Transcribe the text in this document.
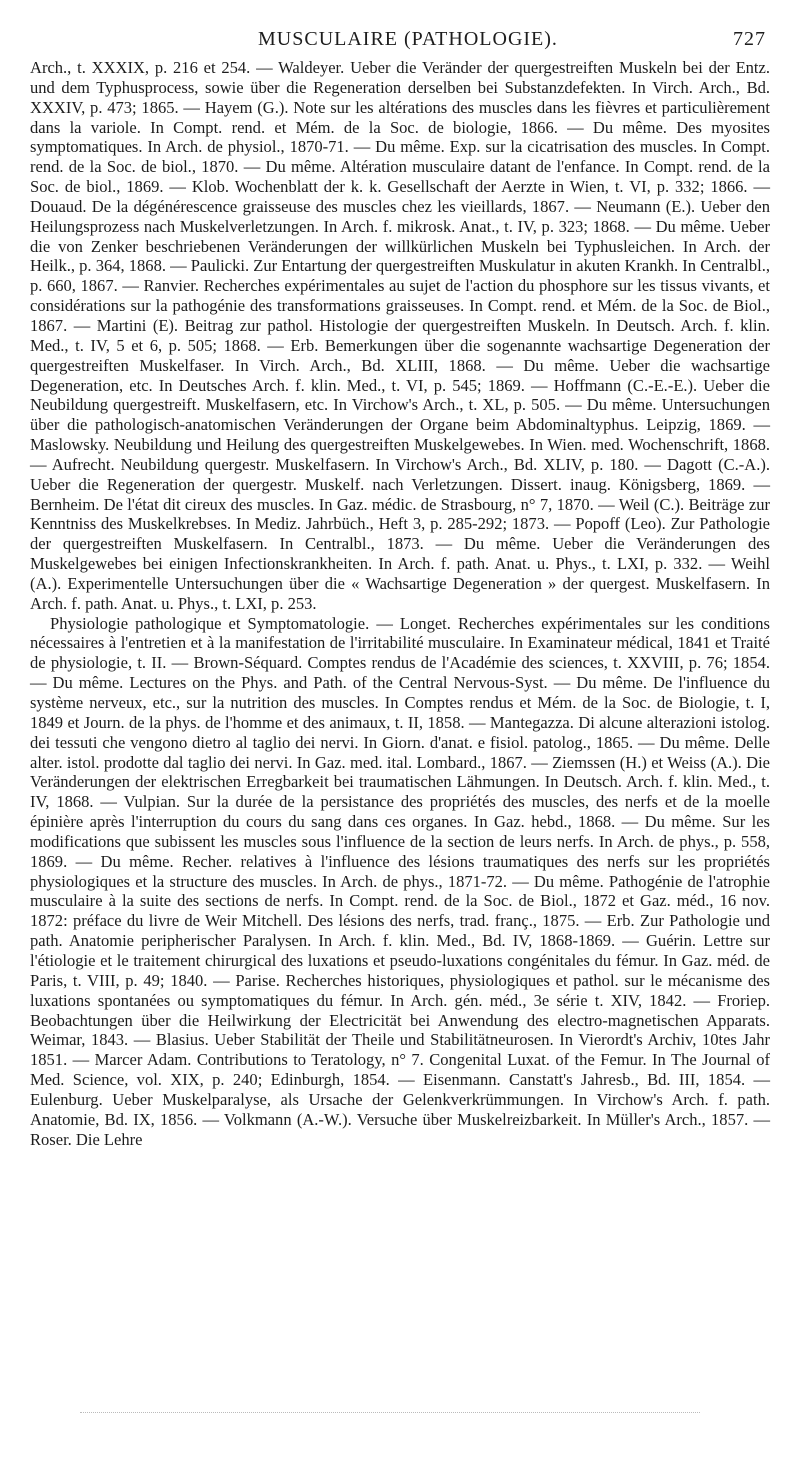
MUSCULAIRE (PATHOLOGIE).	727

Arch., t. XXXIX, p. 216 et 254. — Waldeyer. Ueber die Veränder der quergestreiften Muskeln bei der Entz. und dem Typhusprocess, sowie über die Regeneration derselben bei Substanzdefekten. In Virch. Arch., Bd. XXXIV, p. 473; 1865. — Hayem (G.). Note sur les altérations des muscles dans les fièvres et particulièrement dans la variole. In Compt. rend. et Mém. de la Soc. de biologie, 1866. — Du même. Des myosites symptomatiques. In Arch. de physiol., 1870-71. — Du même. Exp. sur la cicatrisation des muscles. In Compt. rend. de la Soc. de biol., 1870. — Du même. Altération musculaire datant de l'enfance. In Compt. rend. de la Soc. de biol., 1869. — Klob. Wochenblatt der k. k. Gesellschaft der Aerzte in Wien, t. VI, p. 332; 1866. — Douaud. De la dégénérescence graisseuse des muscles chez les vieillards, 1867. — Neumann (E.). Ueber den Heilungsprozess nach Muskelverletzungen. In Arch. f. mikrosk. Anat., t. IV, p. 323; 1868. — Du même. Ueber die von Zenker beschriebenen Veränderungen der willkürlichen Muskeln bei Typhusleichen. In Arch. der Heilk., p. 364, 1868. — Paulicki. Zur Entartung der quergestreiften Muskulatur in akuten Krankh. In Centralbl., p. 660, 1867. — Ranvier. Recherches expérimentales au sujet de l'action du phosphore sur les tissus vivants, et considérations sur la pathogénie des transformations graisseuses. In Compt. rend. et Mém. de la Soc. de Biol., 1867. — Martini (E). Beitrag zur pathol. Histologie der quergestreiften Muskeln. In Deutsch. Arch. f. klin. Med., t. IV, 5 et 6, p. 505; 1868. — Erb. Bemerkungen über die sogenannte wachsartige Degeneration der quergestreiften Muskelfaser. In Virch. Arch., Bd. XLIII, 1868. — Du même. Ueber die wachsartige Degeneration, etc. In Deutsches Arch. f. klin. Med., t. VI, p. 545; 1869. — Hoffmann (C.-E.-E.). Ueber die Neubildung quergestreift. Muskelfasern, etc. In Virchow's Arch., t. XL, p. 505. — Du même. Untersuchungen über die pathologisch-anatomischen Veränderungen der Organe beim Abdominaltyphus. Leipzig, 1869. — Maslowsky. Neubildung und Heilung des quergestreiften Muskelgewebes. In Wien. med. Wochenschrift, 1868. — Aufrecht. Neubildung quergestr. Muskelfasern. In Virchow's Arch., Bd. XLIV, p. 180. — Dagott (C.-A.). Ueber die Regeneration der quergestr. Muskelf. nach Verletzungen. Dissert. inaug. Königsberg, 1869. — Bernheim. De l'état dit cireux des muscles. In Gaz. médic. de Strasbourg, n° 7, 1870. — Weil (C.). Beiträge zur Kenntniss des Muskelkrebses. In Mediz. Jahrbüch., Heft 3, p. 285-292; 1873. — Popoff (Leo). Zur Pathologie der quergestreiften Muskelfasern. In Centralbl., 1873. — Du même. Ueber die Veränderungen des Muskelgewebes bei einigen Infectionskrankheiten. In Arch. f. path. Anat. u. Phys., t. LXI, p. 332. — Weihl (A.). Experimentelle Untersuchungen über die « Wachsartige Degeneration » der quergest. Muskelfasern. In Arch. f. path. Anat. u. Phys., t. LXI, p. 253.

Physiologie pathologique et Symptomatologie. — Longet. Recherches expérimentales sur les conditions nécessaires à l'entretien et à la manifestation de l'irritabilité musculaire. In Examinateur médical, 1841 et Traité de physiologie, t. II. — Brown-Séquard. Comptes rendus de l'Académie des sciences, t. XXVIII, p. 76; 1854. — Du même. Lectures on the Phys. and Path. of the Central Nervous-Syst. — Du même. De l'influence du système nerveux, etc., sur la nutrition des muscles. In Comptes rendus et Mém. de la Soc. de Biologie, t. I, 1849 et Journ. de la phys. de l'homme et des animaux, t. II, 1858. — Mantegazza. Di alcune alterazioni istolog. dei tessuti che vengono dietro al taglio dei nervi. In Giorn. d'anat. e fisiol. patolog., 1865. — Du même. Delle alter. istol. prodotte dal taglio dei nervi. In Gaz. med. ital. Lombard., 1867. — Ziemssen (H.) et Weiss (A.). Die Veränderungen der elektrischen Erregbarkeit bei traumatischen Lähmungen. In Deutsch. Arch. f. klin. Med., t. IV, 1868. — Vulpian. Sur la durée de la persistance des propriétés des muscles, des nerfs et de la moelle épinière après l'interruption du cours du sang dans ces organes. In Gaz. hebd., 1868. — Du même. Sur les modifications que subissent les muscles sous l'influence de la section de leurs nerfs. In Arch. de phys., p. 558, 1869. — Du même. Recher. relatives à l'influence des lésions traumatiques des nerfs sur les propriétés physiologiques et la structure des muscles. In Arch. de phys., 1871-72. — Du même. Pathogénie de l'atrophie musculaire à la suite des sections de nerfs. In Compt. rend. de la Soc. de Biol., 1872 et Gaz. méd., 16 nov. 1872: préface du livre de Weir Mitchell. Des lésions des nerfs, trad. franç., 1875. — Erb. Zur Pathologie und path. Anatomie peripherischer Paralysen. In Arch. f. klin. Med., Bd. IV, 1868-1869. — Guérin. Lettre sur l'étiologie et le traitement chirurgical des luxations et pseudo-luxations congénitales du fémur. In Gaz. méd. de Paris, t. VIII, p. 49; 1840. — Parise. Recherches historiques, physiologiques et pathol. sur le mécanisme des luxations spontanées ou symptomatiques du fémur. In Arch. gén. méd., 3e série t. XIV, 1842. — Froriep. Beobachtungen über die Heilwirkung der Electricität bei Anwendung des electro-magnetischen Apparats. Weimar, 1843. — Blasius. Ueber Stabilität der Theile und Stabilitätneurosen. In Vierordt's Archiv, 10tes Jahr 1851. — Marcer Adam. Contributions to Teratology, n° 7. Congenital Luxat. of the Femur. In The Journal of Med. Science, vol. XIX, p. 240; Edinburgh, 1854. — Eisenmann. Canstatt's Jahresb., Bd. III, 1854. — Eulenburg. Ueber Muskelparalyse, als Ursache der Gelenkverkrümmungen. In Virchow's Arch. f. path. Anatomie, Bd. IX, 1856. — Volkmann (A.-W.). Versuche über Muskelreizbarkeit. In Müller's Arch., 1857. — Roser. Die Lehre
